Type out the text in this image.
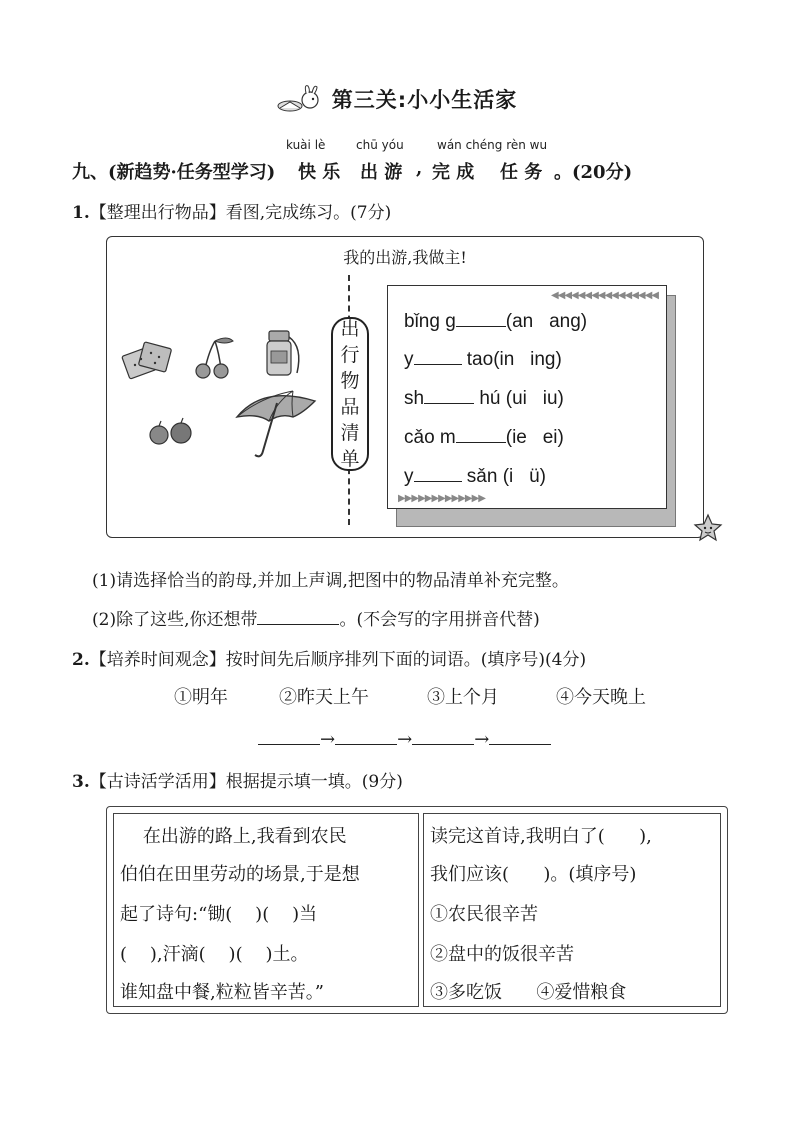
第三关:小小生活家
kuài lè	chū yóu	wán chéng rèn wu
九、(新趋势·任务型学习) 快 乐 出 游 , 完 成 任 务 。(20分)
1.【整理出行物品】看图,完成练习。(7分)
我的出游,我做主!
出
行
物
品
清
单
◀◀◀◀◀◀◀◀◀◀◀◀◀◀◀◀
bǐng g	(an   ang)
y	tao(in   ing)
sh	hú (ui   iu)
cǎo m	(ie   ei)
y	sǎn (i   ü)
▶▶▶▶▶▶▶▶▶▶▶▶▶
(1)请选择恰当的韵母,并加上声调,把图中的物品清单补充完整。
(2)除了这些,你还想带	。(不会写的字用拼音代替)
2.【培养时间观念】按时间先后顺序排列下面的词语。(填序号)(4分)
①明年	②昨天上午	③上个月	④今天晚上
→	→	→
3.【古诗活学活用】根据提示填一填。(9分)
在出游的路上,我看到农民
伯伯在田里劳动的场景,于是想
起了诗句:“锄(    )(    )当
(    ),汗滴(    )(    )土。
谁知盘中餐,粒粒皆辛苦。”
读完这首诗,我明白了(      ),
我们应该(      )。(填序号)
①农民很辛苦
②盘中的饭很辛苦
③多吃饭      ④爱惜粮食
